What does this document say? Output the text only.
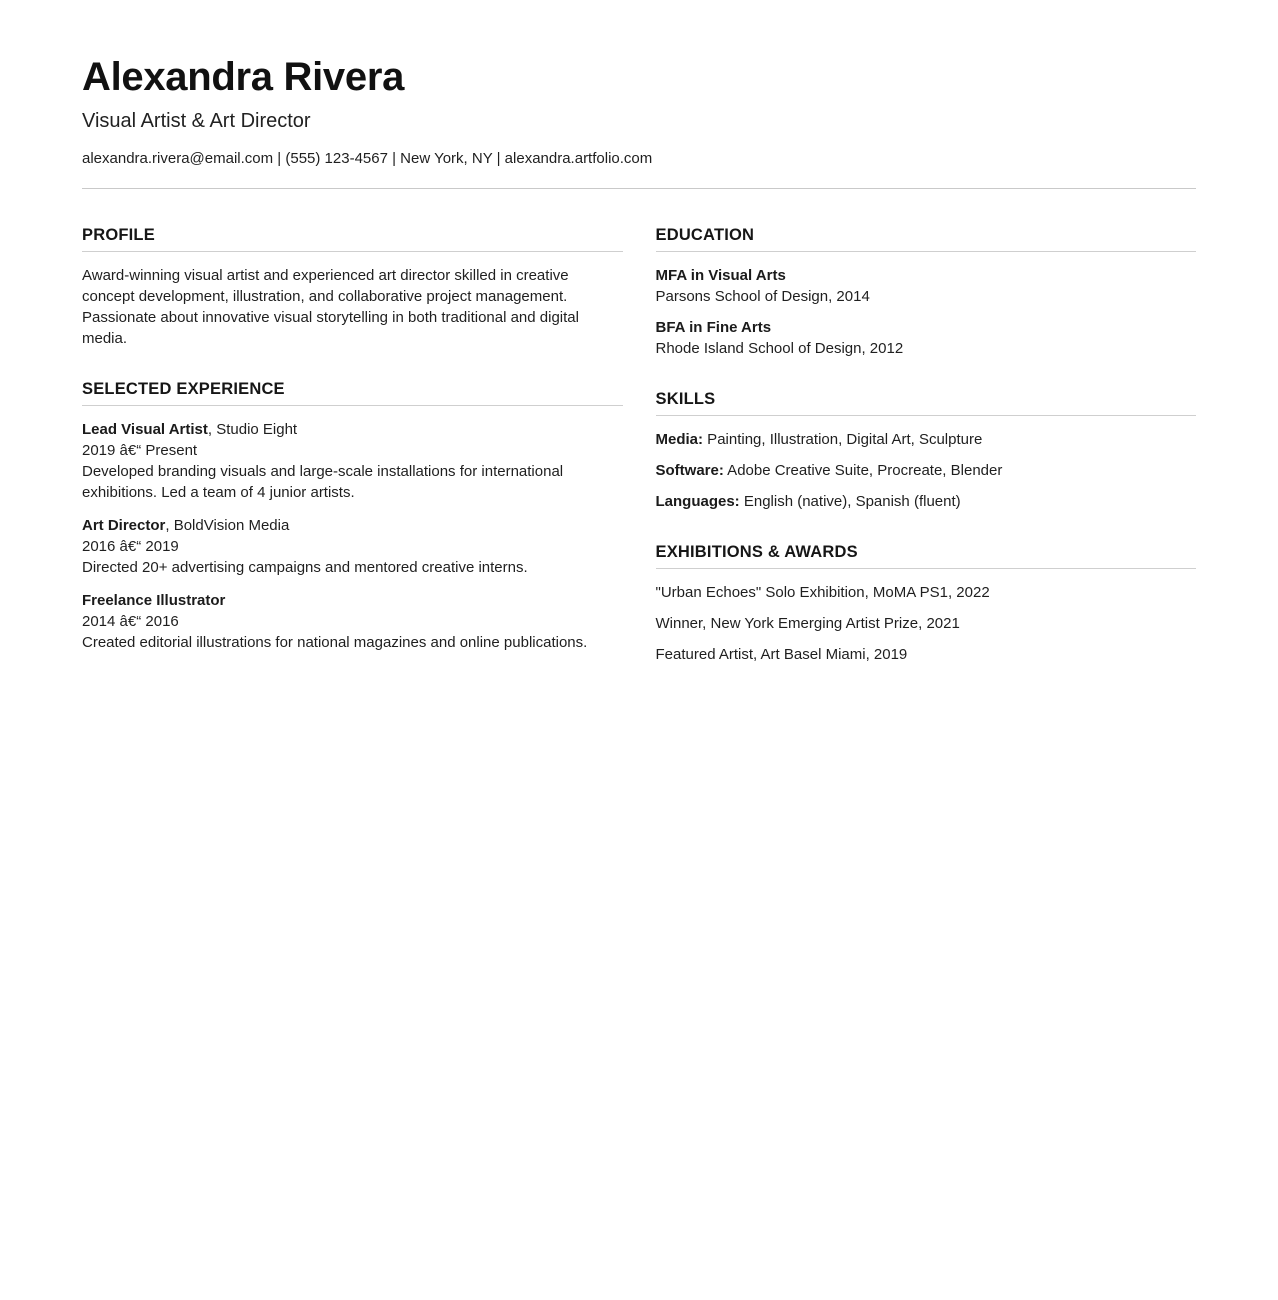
Alexandra Rivera
Visual Artist & Art Director
alexandra.rivera@email.com | (555) 123-4567 | New York, NY | alexandra.artfolio.com
PROFILE

Award-winning visual artist and experienced art director skilled in creative concept development, illustration, and collaborative project management. Passionate about innovative visual storytelling in both traditional and digital media.

SELECTED EXPERIENCE
Lead Visual Artist, Studio Eight
2019 â€“ Present
Developed branding visuals and large-scale installations for international exhibitions. Led a team of 4 junior artists.
Art Director, BoldVision Media
2016 â€“ 2019
Directed 20+ advertising campaigns and mentored creative interns.
Freelance Illustrator
2014 â€“ 2016
Created editorial illustrations for national magazines and online publications.
EDUCATION
MFA in Visual Arts
Parsons School of Design, 2014
BFA in Fine Arts
Rhode Island School of Design, 2012
SKILLS

Media: Painting, Illustration, Digital Art, Sculpture

Software: Adobe Creative Suite, Procreate, Blender

Languages: English (native), Spanish (fluent)

EXHIBITIONS & AWARDS

"Urban Echoes" Solo Exhibition, MoMA PS1, 2022

Winner, New York Emerging Artist Prize, 2021

Featured Artist, Art Basel Miami, 2019
